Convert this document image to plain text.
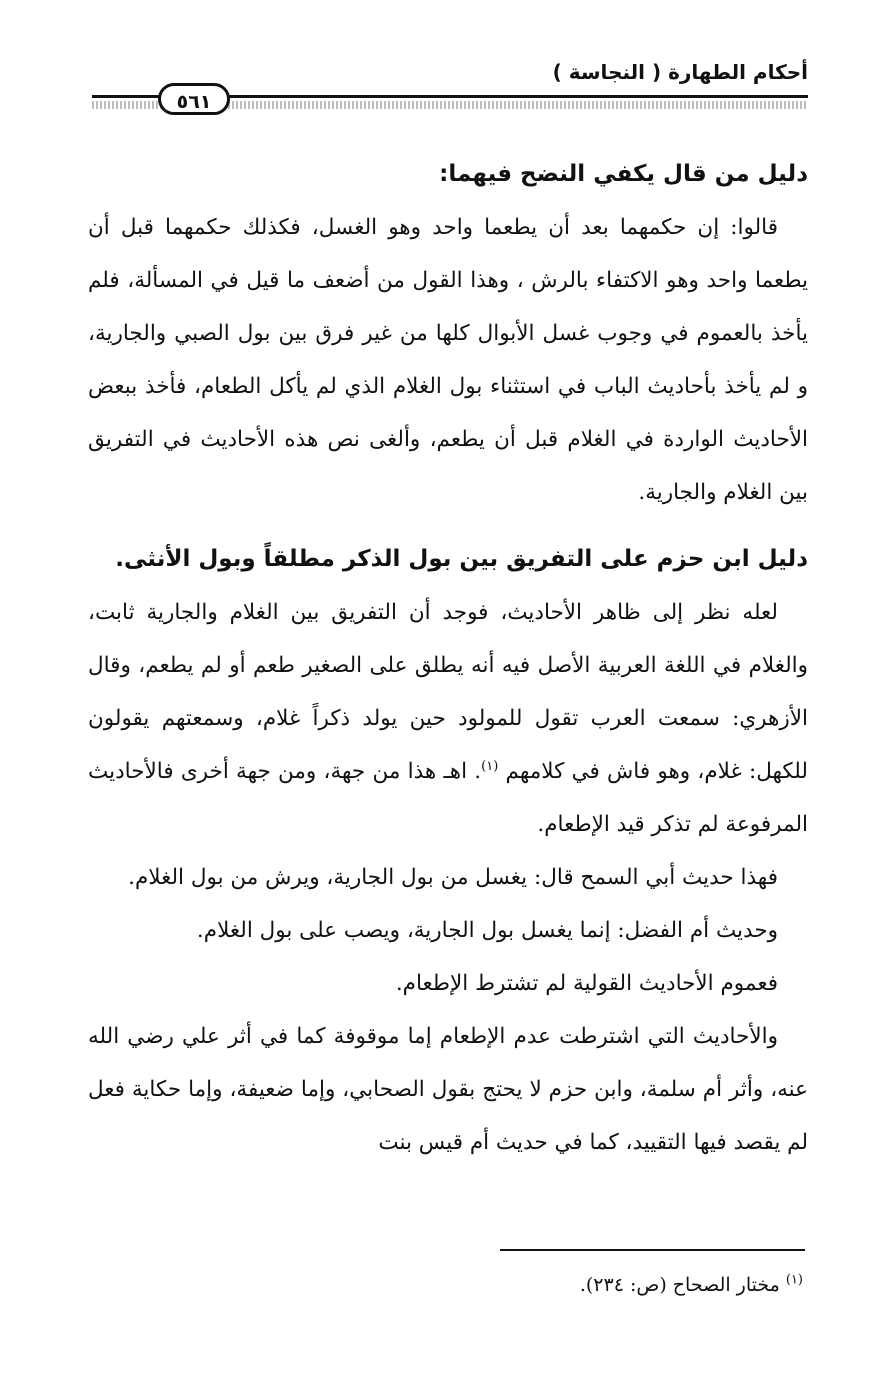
أحكام الطهارة ( النجاسة )
٥٦١

دليل من قال يكفي النضح فيهما:

قالوا: إن حكمهما بعد أن يطعما واحد وهو الغسل، فكذلك حكمهما قبل أن يطعما واحد وهو الاكتفاء بالرش ، وهذا القول من أضعف ما قيل في المسألة، فلم يأخذ بالعموم في وجوب غسل الأبوال كلها من غير فرق بين بول الصبي والجارية، و لم يأخذ بأحاديث الباب في استثناء بول الغلام الذي لم يأكل الطعام، فأخذ ببعض الأحاديث الواردة في الغلام قبل أن يطعم، وألغى نص هذه الأحاديث في التفريق بين الغلام والجارية.

دليل ابن حزم على التفريق بين بول الذكر مطلقاً وبول الأنثى.

لعله نظر إلى ظاهر الأحاديث، فوجد أن التفريق بين الغلام والجارية ثابت، والغلام في اللغة العربية الأصل فيه أنه يطلق على الصغير طعم أو لم يطعم، وقال الأزهري: سمعت العرب تقول للمولود حين يولد ذكراً غلام، وسمعتهم يقولون للكهل: غلام، وهو فاش في كلامهم $^{(١)}$. اهـ هذا من جهة، ومن جهة أخرى فالأحاديث المرفوعة لم تذكر قيد الإطعام.

فهذا حديث أبي السمح قال: يغسل من بول الجارية، ويرش من بول الغلام.

وحديث أم الفضل: إنما يغسل بول الجارية، ويصب على بول الغلام.

فعموم الأحاديث القولية لم تشترط الإطعام.

والأحاديث التي اشترطت عدم الإطعام إما موقوفة كما في أثر علي رضي الله عنه، وأثر أم سلمة، وابن حزم لا يحتج بقول الصحابي، وإما ضعيفة، وإما حكاية فعل لم يقصد فيها التقييد، كما في حديث أم قيس بنت

$^{(١)}$ مختار الصحاح (ص: ٢٣٤).
